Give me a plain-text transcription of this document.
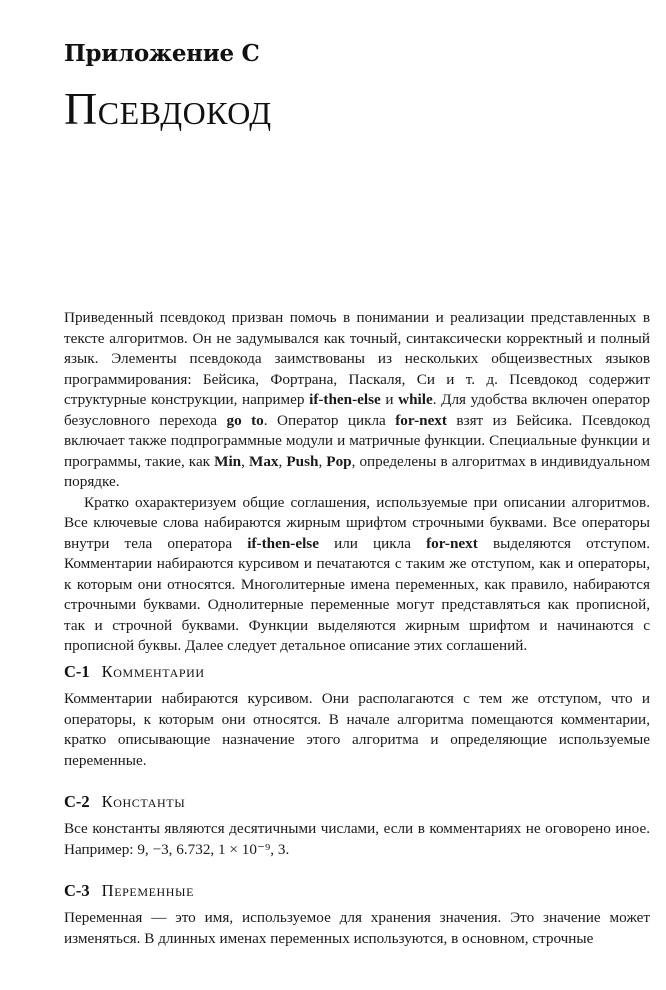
Приложение C
Псевдокод

Приведенный псевдокод призван помочь в понимании и реализации представленных в тексте алгоритмов. Он не задумывался как точный, синтаксически корректный и полный язык. Элементы псевдокода заимствованы из нескольких общеизвестных языков программирования: Бейсика, Фортрана, Паскаля, Си и т. д. Псевдокод содержит структурные конструкции, например if-then-else и while. Для удобства включен оператор безусловного перехода go to. Оператор цикла for-next взят из Бейсика. Псевдокод включает также подпрограммные модули и матричные функции. Специальные функции и программы, такие, как Min, Max, Push, Pop, определены в алгоритмах в индивидуальном порядке.

Кратко охарактеризуем общие соглашения, используемые при описании алгоритмов. Все ключевые слова набираются жирным шрифтом строчными буквами. Все операторы внутри тела оператора if-then-else или цикла for-next выделяются отступом. Комментарии набираются курсивом и печатаются с таким же отступом, как и операторы, к которым они относятся. Многолитерные имена переменных, как правило, набираются строчными буквами. Однолитерные переменные могут представляться как прописной, так и строчной буквами. Функции выделяются жирным шрифтом и начинаются с прописной буквы. Далее следует детальное описание этих соглашений.

C-1 Комментарии

Комментарии набираются курсивом. Они располагаются с тем же отступом, что и операторы, к которым они относятся. В начале алгоритма помещаются комментарии, кратко описывающие назначение этого алгоритма и определяющие используемые переменные.

C-2 Константы

Все константы являются десятичными числами, если в комментариях не оговорено иное. Например: 9, −3, 6.732, 1 × 10⁻⁹, 3.

C-3 Переменные

Переменная — это имя, используемое для хранения значения. Это значение может изменяться. В длинных именах переменных используются, в основном, строчные
